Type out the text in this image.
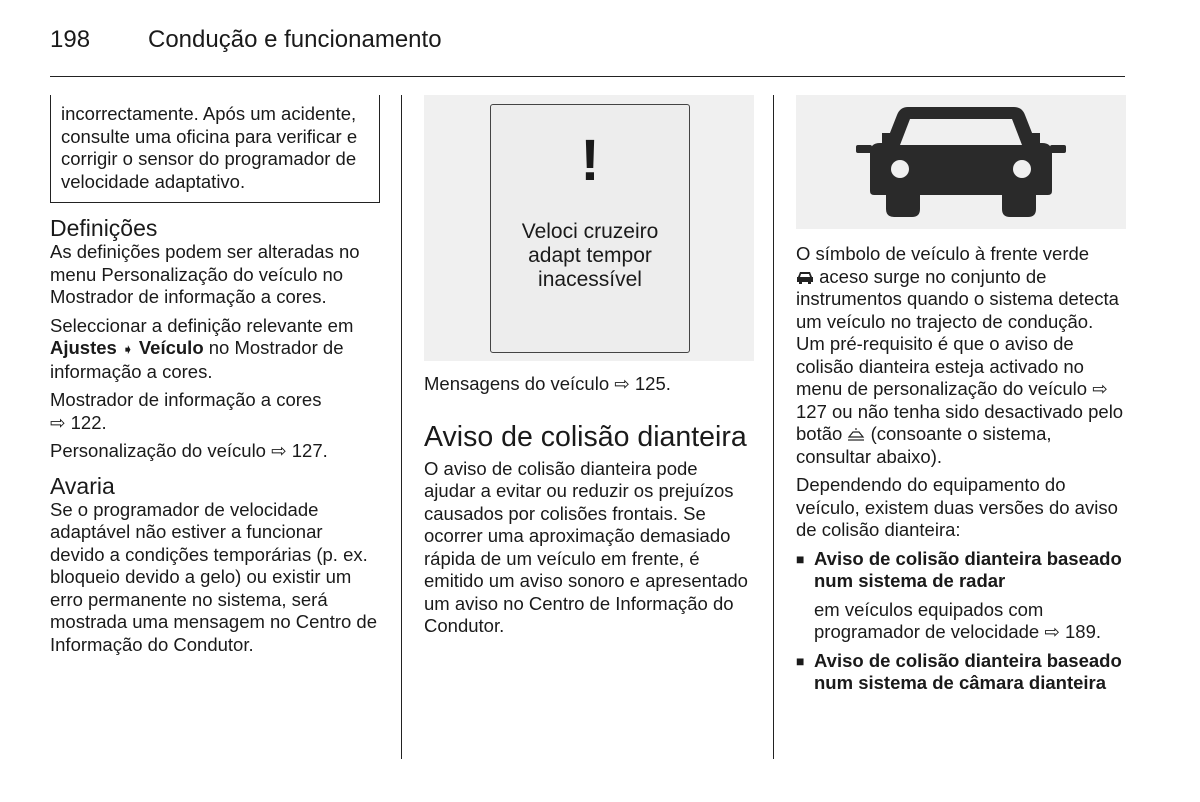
198 Condução e funcionamento

incorrectamente. Após um acidente, consulte uma oficina para verificar e corrigir o sensor do programador de velocidade adaptativo.

Definições

As definições podem ser alteradas no menu Personalização do veículo no Mostrador de informação a cores.

Seleccionar a definição relevante em Ajustes ➧ Veículo no Mostrador de informação a cores.

Mostrador de informação a cores
⇨ 122.

Personalização do veículo ⇨ 127.

Avaria

Se o programador de velocidade adaptável não estiver a funcionar devido a condições temporárias (p. ex. bloqueio devido a gelo) ou existir um erro permanente no sistema, será mostrada uma mensagem no Centro de Informação do Condutor.

!
Veloci cruzeiro
adapt tempor
inacessível

Mensagens do veículo ⇨ 125.

Aviso de colisão dianteira

O aviso de colisão dianteira pode ajudar a evitar ou reduzir os prejuízos causados por colisões frontais. Se ocorrer uma aproximação demasiado rápida de um veículo em frente, é emitido um aviso sonoro e apresentado um aviso no Centro de Informação do Condutor.

O símbolo de veículo à frente verde
aceso surge no conjunto de instrumentos quando o sistema detecta um veículo no trajecto de condução. Um pré-requisito é que o aviso de colisão dianteira esteja activado no menu de personalização do veículo ⇨ 127 ou não tenha sido desactivado pelo botão  (consoante o sistema, consultar abaixo).

Dependendo do equipamento do veículo, existem duas versões do aviso de colisão dianteira:

■ Aviso de colisão dianteira baseado num sistema de radar

em veículos equipados com programador de velocidade ⇨ 189.

■ Aviso de colisão dianteira baseado num sistema de câmara dianteira
